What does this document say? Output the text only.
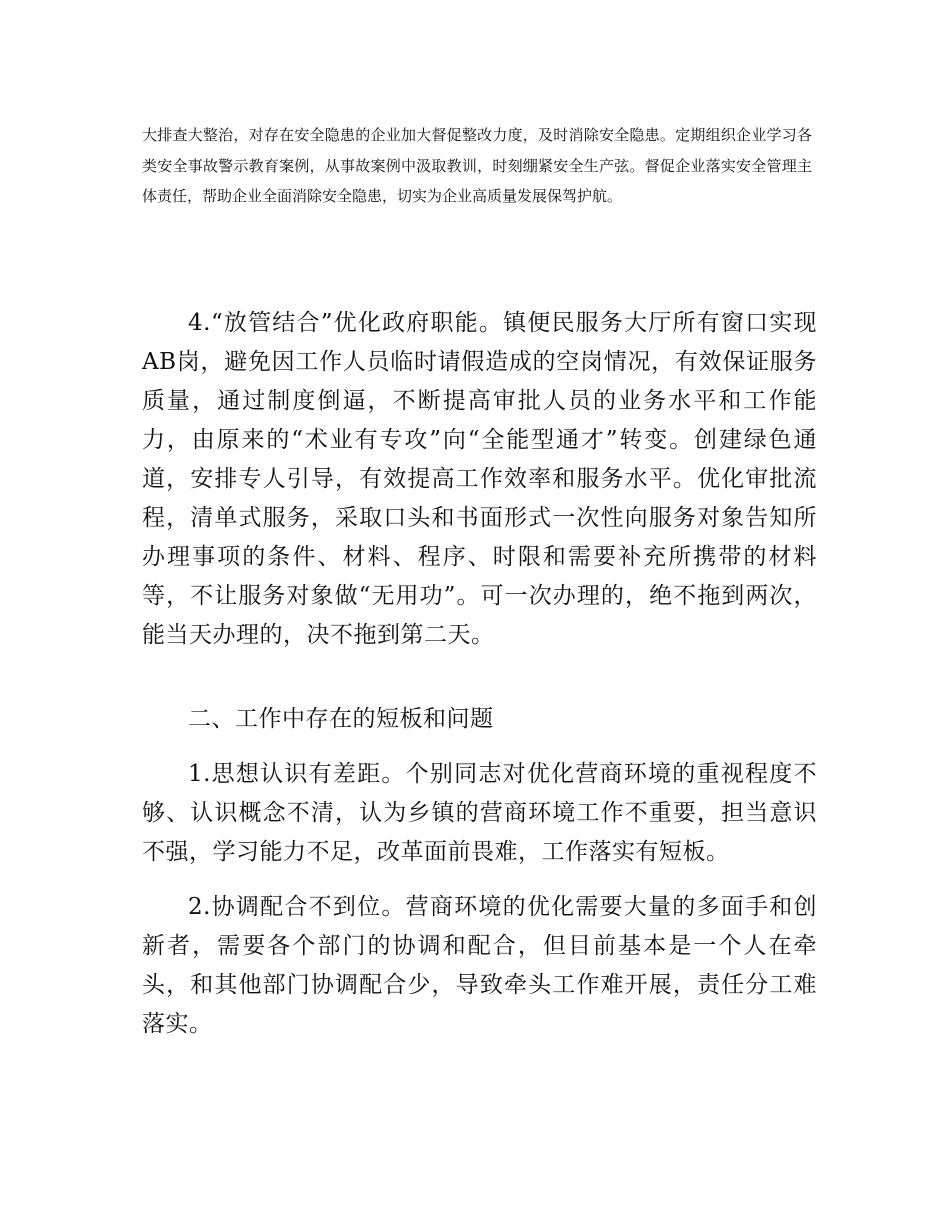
大排查大整治，对存在安全隐患的企业加大督促整改力度，及时消除安全隐患。定期组织企业学习各类安全事故警示教育案例，从事故案例中汲取教训，时刻绷紧安全生产弦。督促企业落实安全管理主体责任，帮助企业全面消除安全隐患，切实为企业高质量发展保驾护航。

4.“放管结合”优化政府职能。镇便民服务大厅所有窗口实现AB岗，避免因工作人员临时请假造成的空岗情况，有效保证服务质量，通过制度倒逼，不断提高审批人员的业务水平和工作能力，由原来的“术业有专攻”向“全能型通才”转变。创建绿色通道，安排专人引导，有效提高工作效率和服务水平。优化审批流程，清单式服务，采取口头和书面形式一次性向服务对象告知所办理事项的条件、材料、程序、时限和需要补充所携带的材料等，不让服务对象做“无用功”。可一次办理的，绝不拖到两次，能当天办理的，决不拖到第二天。

二、工作中存在的短板和问题

1.思想认识有差距。个别同志对优化营商环境的重视程度不够、认识概念不清，认为乡镇的营商环境工作不重要，担当意识不强，学习能力不足，改革面前畏难，工作落实有短板。

2.协调配合不到位。营商环境的优化需要大量的多面手和创新者，需要各个部门的协调和配合，但目前基本是一个人在牵头，和其他部门协调配合少，导致牵头工作难开展，责任分工难落实。
